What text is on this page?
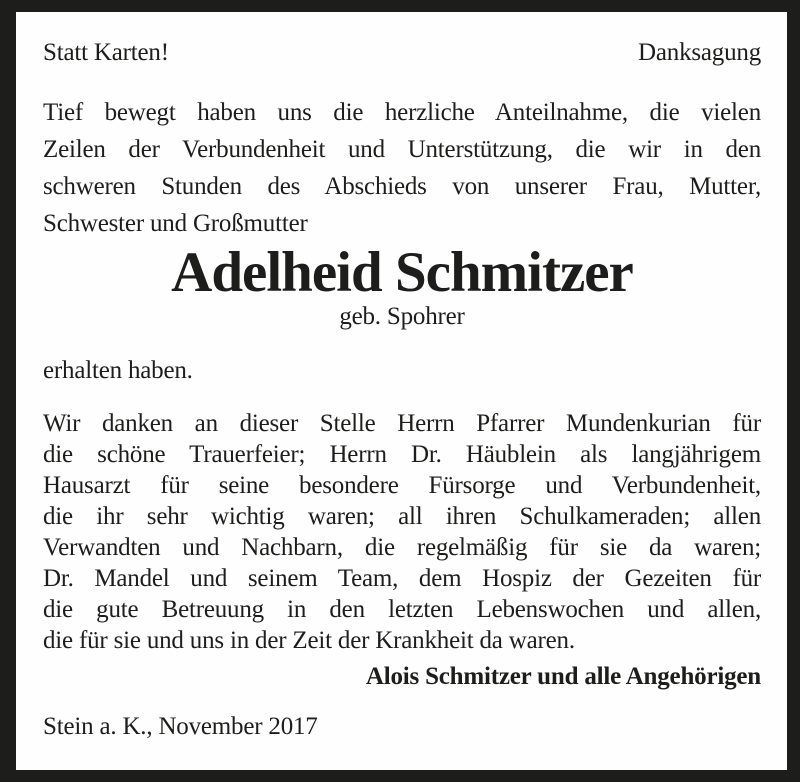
Statt Karten!	Danksagung
Tief bewegt haben uns die herzliche Anteilnahme, die vielen
Zeilen der Verbundenheit und Unterstützung, die wir in den
schweren Stunden des Abschieds von unserer Frau, Mutter,
Schwester und Großmutter
Adelheid Schmitzer
geb. Spohrer
erhalten haben.
Wir danken an dieser Stelle Herrn Pfarrer Mundenkurian für
die schöne Trauerfeier; Herrn Dr. Häublein als langjährigem
Hausarzt für seine besondere Fürsorge und Verbundenheit,
die ihr sehr wichtig waren; all ihren Schulkameraden; allen
Verwandten und Nachbarn, die regelmäßig für sie da waren;
Dr. Mandel und seinem Team, dem Hospiz der Gezeiten für
die gute Betreuung in den letzten Lebenswochen und allen,
die für sie und uns in der Zeit der Krankheit da waren.
Alois Schmitzer und alle Angehörigen
Stein a. K., November 2017
